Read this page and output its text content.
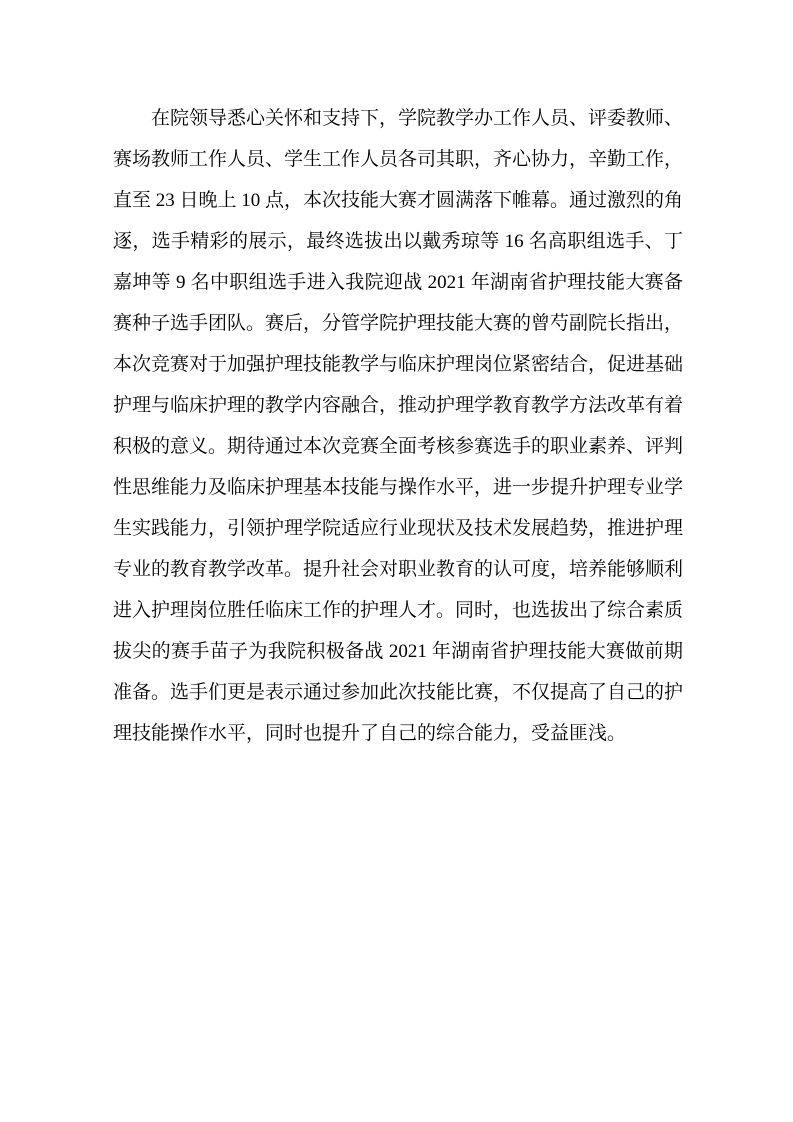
在院领导悉心关怀和支持下，学院教学办工作人员、评委教师、
赛场教师工作人员、学生工作人员各司其职，齐心协力，辛勤工作，
直至 23 日晚上 10 点，本次技能大赛才圆满落下帷幕。通过激烈的角
逐，选手精彩的展示，最终选拔出以戴秀琼等 16 名高职组选手、丁
嘉坤等 9 名中职组选手进入我院迎战 2021 年湖南省护理技能大赛备
赛种子选手团队。赛后，分管学院护理技能大赛的曾芍副院长指出，
本次竞赛对于加强护理技能教学与临床护理岗位紧密结合，促进基础
护理与临床护理的教学内容融合，推动护理学教育教学方法改革有着
积极的意义。期待通过本次竞赛全面考核参赛选手的职业素养、评判
性思维能力及临床护理基本技能与操作水平，进一步提升护理专业学
生实践能力，引领护理学院适应行业现状及技术发展趋势，推进护理
专业的教育教学改革。提升社会对职业教育的认可度，培养能够顺利
进入护理岗位胜任临床工作的护理人才。同时，也选拔出了综合素质
拔尖的赛手苗子为我院积极备战 2021 年湖南省护理技能大赛做前期
准备。选手们更是表示通过参加此次技能比赛，不仅提高了自己的护
理技能操作水平，同时也提升了自己的综合能力，受益匪浅。
